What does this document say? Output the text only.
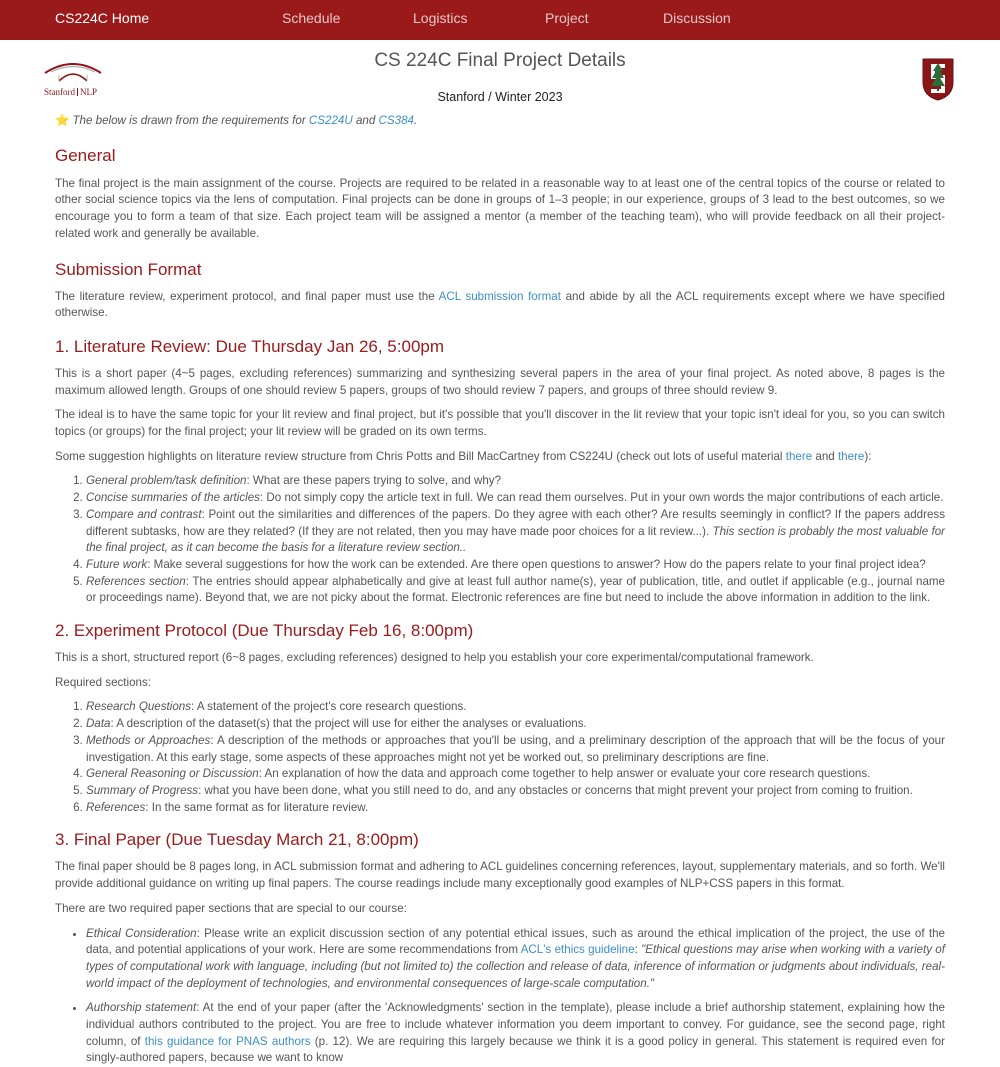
CS224C Home	Schedule	Logistics	Project	Discussion
Stanford NLP
CS 224C Final Project Details
Stanford / Winter 2023

⭐ The below is drawn from the requirements for CS224U and CS384.

General

The final project is the main assignment of the course. Projects are required to be related in a reasonable way to at least one of the central topics of the course or related to other social science topics via the lens of computation. Final projects can be done in groups of 1–3 people; in our experience, groups of 3 lead to the best outcomes, so we encourage you to form a team of that size. Each project team will be assigned a mentor (a member of the teaching team), who will provide feedback on all their project-related work and generally be available.

Submission Format

The literature review, experiment protocol, and final paper must use the ACL submission format and abide by all the ACL requirements except where we have specified otherwise.

1. Literature Review: Due Thursday Jan 26, 5:00pm

This is a short paper (4~5 pages, excluding references) summarizing and synthesizing several papers in the area of your final project. As noted above, 8 pages is the maximum allowed length. Groups of one should review 5 papers, groups of two should review 7 papers, and groups of three should review 9.

The ideal is to have the same topic for your lit review and final project, but it's possible that you'll discover in the lit review that your topic isn't ideal for you, so you can switch topics (or groups) for the final project; your lit review will be graded on its own terms.

Some suggestion highlights on literature review structure from Chris Potts and Bill MacCartney from CS224U (check out lots of useful material there and there):

1. General problem/task definition: What are these papers trying to solve, and why?
2. Concise summaries of the articles: Do not simply copy the article text in full. We can read them ourselves. Put in your own words the major contributions of each article.
3. Compare and contrast: Point out the similarities and differences of the papers. Do they agree with each other? Are results seemingly in conflict? If the papers address different subtasks, how are they related? (If they are not related, then you may have made poor choices for a lit review...). This section is probably the most valuable for the final project, as it can become the basis for a literature review section..
4. Future work: Make several suggestions for how the work can be extended. Are there open questions to answer? How do the papers relate to your final project idea?
5. References section: The entries should appear alphabetically and give at least full author name(s), year of publication, title, and outlet if applicable (e.g., journal name or proceedings name). Beyond that, we are not picky about the format. Electronic references are fine but need to include the above information in addition to the link.
2. Experiment Protocol (Due Thursday Feb 16, 8:00pm)

This is a short, structured report (6~8 pages, excluding references) designed to help you establish your core experimental/computational framework.

Required sections:

1. Research Questions: A statement of the project's core research questions.
2. Data: A description of the dataset(s) that the project will use for either the analyses or evaluations.
3. Methods or Approaches: A description of the methods or approaches that you'll be using, and a preliminary description of the approach that will be the focus of your investigation. At this early stage, some aspects of these approaches might not yet be worked out, so preliminary descriptions are fine.
4. General Reasoning or Discussion: An explanation of how the data and approach come together to help answer or evaluate your core research questions.
5. Summary of Progress: what you have been done, what you still need to do, and any obstacles or concerns that might prevent your project from coming to fruition.
6. References: In the same format as for literature review.
3. Final Paper (Due Tuesday March 21, 8:00pm)

The final paper should be 8 pages long, in ACL submission format and adhering to ACL guidelines concerning references, layout, supplementary materials, and so forth. We'll provide additional guidance on writing up final papers. The course readings include many exceptionally good examples of NLP+CSS papers in this format.

There are two required paper sections that are special to our course:

• Ethical Consideration: Please write an explicit discussion section of any potential ethical issues, such as around the ethical implication of the project, the use of the data, and potential applications of your work. Here are some recommendations from ACL's ethics guideline: "Ethical questions may arise when working with a variety of types of computational work with language, including (but not limited to) the collection and release of data, inference of information or judgments about individuals, real-world impact of the deployment of technologies, and environmental consequences of large-scale computation."
• Authorship statement: At the end of your paper (after the 'Acknowledgments' section in the template), please include a brief authorship statement, explaining how the individual authors contributed to the project. You are free to include whatever information you deem important to convey. For guidance, see the second page, right column, of this guidance for PNAS authors (p. 12). We are requiring this largely because we think it is a good policy in general. This statement is required even for singly-authored papers, because we want to know
